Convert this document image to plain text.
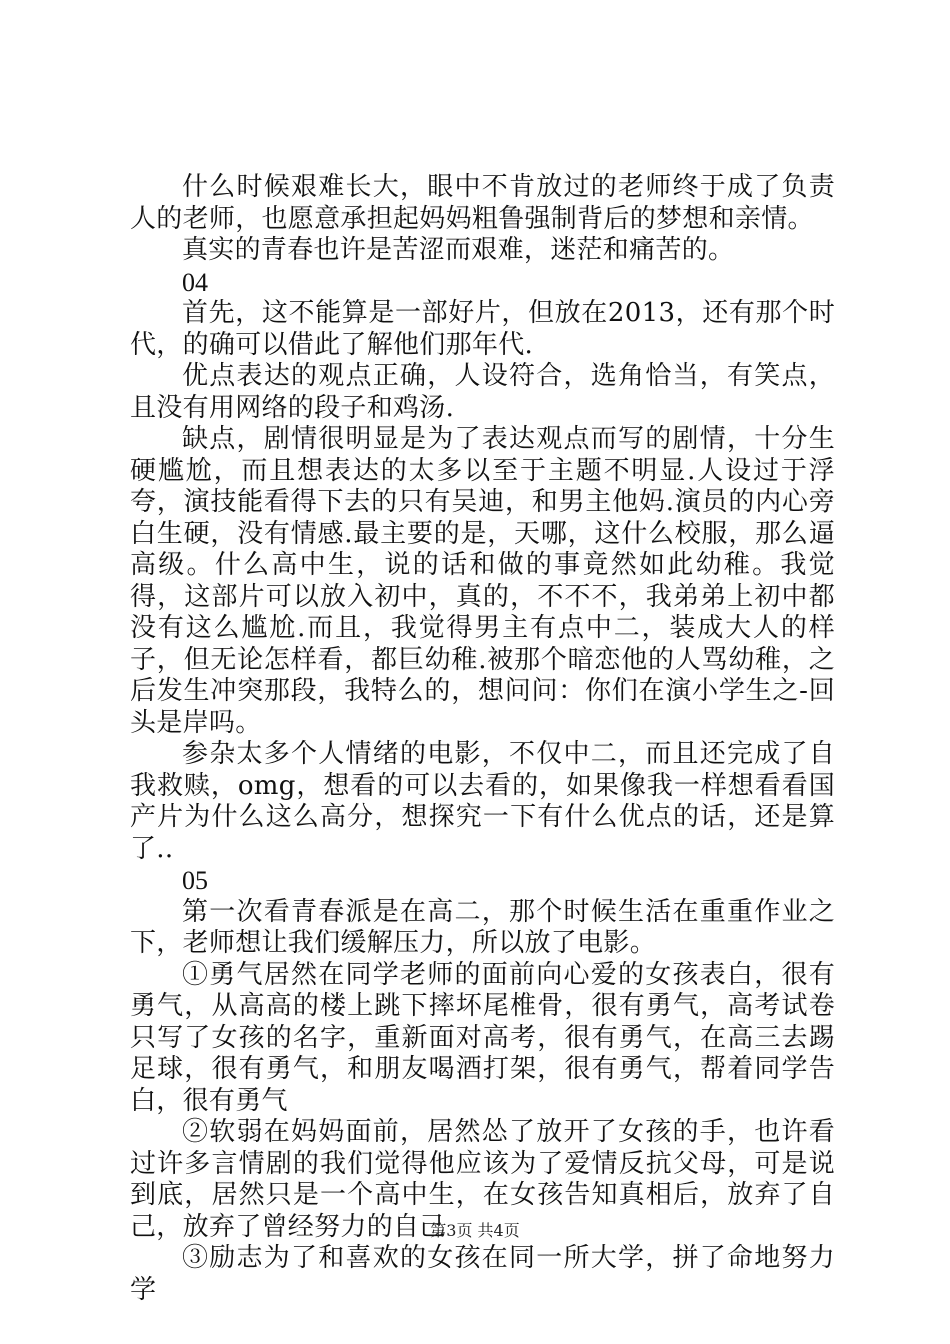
什么时候艰难长大，眼中不肯放过的老师终于成了负责人的老师，也愿意承担起妈妈粗鲁强制背后的梦想和亲情。

真实的青春也许是苦涩而艰难，迷茫和痛苦的。

04

首先，这不能算是一部好片，但放在2013，还有那个时代，的确可以借此了解他们那年代.

优点表达的观点正确，人设符合，选角恰当，有笑点，且没有用网络的段子和鸡汤.

缺点，剧情很明显是为了表达观点而写的剧情，十分生硬尴尬，而且想表达的太多以至于主题不明显.人设过于浮夸，演技能看得下去的只有吴迪，和男主他妈.演员的内心旁白生硬，没有情感.最主要的是，天哪，这什么校服，那么逼高级。什么高中生，说的话和做的事竟然如此幼稚。我觉得，这部片可以放入初中，真的，不不不，我弟弟上初中都没有这么尴尬.而且，我觉得男主有点中二，装成大人的样子，但无论怎样看，都巨幼稚.被那个暗恋他的人骂幼稚，之后发生冲突那段，我特么的，想问问：你们在演小学生之-回头是岸吗。

参杂太多个人情绪的电影，不仅中二，而且还完成了自我救赎，omg，想看的可以去看的，如果像我一样想看看国产片为什么这么高分，想探究一下有什么优点的话，还是算了..

05

第一次看青春派是在高二，那个时候生活在重重作业之下，老师想让我们缓解压力，所以放了电影。

①勇气居然在同学老师的面前向心爱的女孩表白，很有勇气，从高高的楼上跳下摔坏尾椎骨，很有勇气，高考试卷只写了女孩的名字，重新面对高考，很有勇气，在高三去踢足球，很有勇气，和朋友喝酒打架，很有勇气，帮着同学告白，很有勇气

②软弱在妈妈面前，居然怂了放开了女孩的手，也许看过许多言情剧的我们觉得他应该为了爱情反抗父母，可是说到底，居然只是一个高中生，在女孩告知真相后，放弃了自己，放弃了曾经努力的自己

③励志为了和喜欢的女孩在同一所大学，拼了命地努力学

第3页 共4页
